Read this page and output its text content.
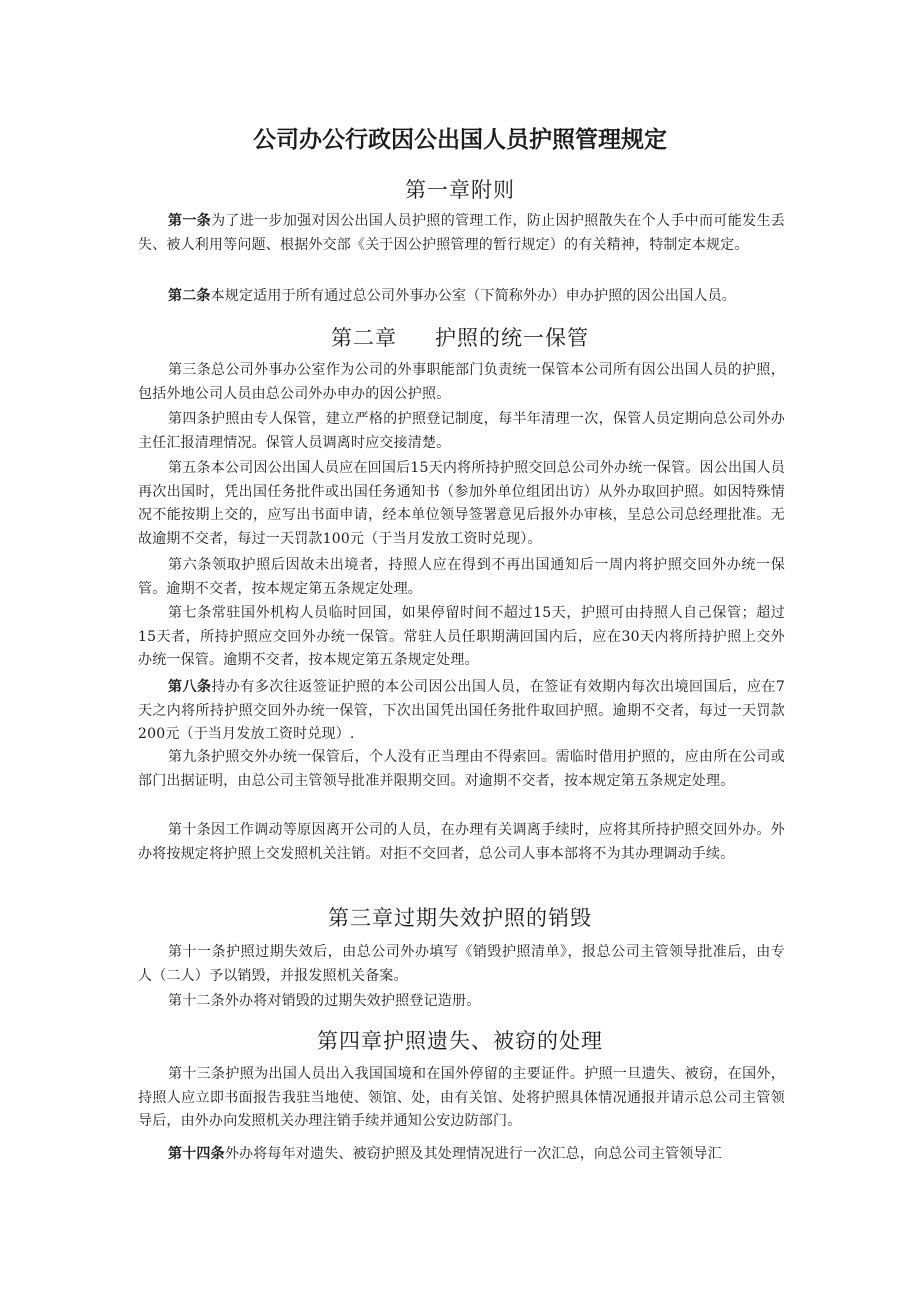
公司办公行政因公出国人员护照管理规定
第一章附则

第一条为了进一步加强对因公出国人员护照的管理工作，防止因护照散失在个人手中而可能发生丢失、被人利用等问题、根据外交部《关于因公护照管理的暂行规定）的有关精神，特制定本规定。

第二条本规定适用于所有通过总公司外事办公室（下简称外办）申办护照的因公出国人员。

第二章 护照的统一保管

第三条总公司外事办公室作为公司的外事职能部门负责统一保管本公司所有因公出国人员的护照，包括外地公司人员由总公司外办申办的因公护照。

第四条护照由专人保管，建立严格的护照登记制度，每半年清理一次，保管人员定期向总公司外办主任汇报清理情况。保管人员调离时应交接清楚。

第五条本公司因公出国人员应在回国后15天内将所持护照交回总公司外办统一保管。因公出国人员再次出国时，凭出国任务批件或出国任务通知书（参加外单位组团出访）从外办取回护照。如因特殊情况不能按期上交的，应写出书面申请，经本单位领导签署意见后报外办审核，呈总公司总经理批准。无故逾期不交者，每过一天罚款100元（于当月发放工资时兑现）。

第六条领取护照后因故未出境者，持照人应在得到不再出国通知后一周内将护照交回外办统一保管。逾期不交者，按本规定第五条规定处理。

第七条常驻国外机构人员临时回国，如果停留时间不超过15天，护照可由持照人自己保管；超过15天者，所持护照应交回外办统一保管。常驻人员任职期满回国内后，应在30天内将所持护照上交外办统一保管。逾期不交者，按本规定第五条规定处理。

第八条持办有多次往返签证护照的本公司因公出国人员，在签证有效期内每次出境回国后，应在7天之内将所持护照交回外办统一保管，下次出国凭出国任务批件取回护照。逾期不交者，每过一天罚款200元（于当月发放工资时兑现）.

第九条护照交外办统一保管后，个人没有正当理由不得索回。需临时借用护照的，应由所在公司或部门出据证明，由总公司主管领导批准并限期交回。对逾期不交者，按本规定第五条规定处理。

第十条因工作调动等原因离开公司的人员，在办理有关调离手续时，应将其所持护照交回外办。外办将按规定将护照上交发照机关注销。对拒不交回者，总公司人事本部将不为其办理调动手续。

第三章过期失效护照的销毁

第十一条护照过期失效后，由总公司外办填写《销毁护照清单》，报总公司主管领导批准后，由专人（二人）予以销毁，并报发照机关备案。

第十二条外办将对销毁的过期失效护照登记造册。

第四章护照遗失、被窃的处理

第十三条护照为出国人员出入我国国境和在国外停留的主要证件。护照一旦遗失、被窃，在国外，持照人应立即书面报告我驻当地使、领馆、处，由有关馆、处将护照具体情况通报并请示总公司主管领导后，由外办向发照机关办理注销手续并通知公安边防部门。

第十四条外办将每年对遗失、被窃护照及其处理情况进行一次汇总，向总公司主管领导汇
